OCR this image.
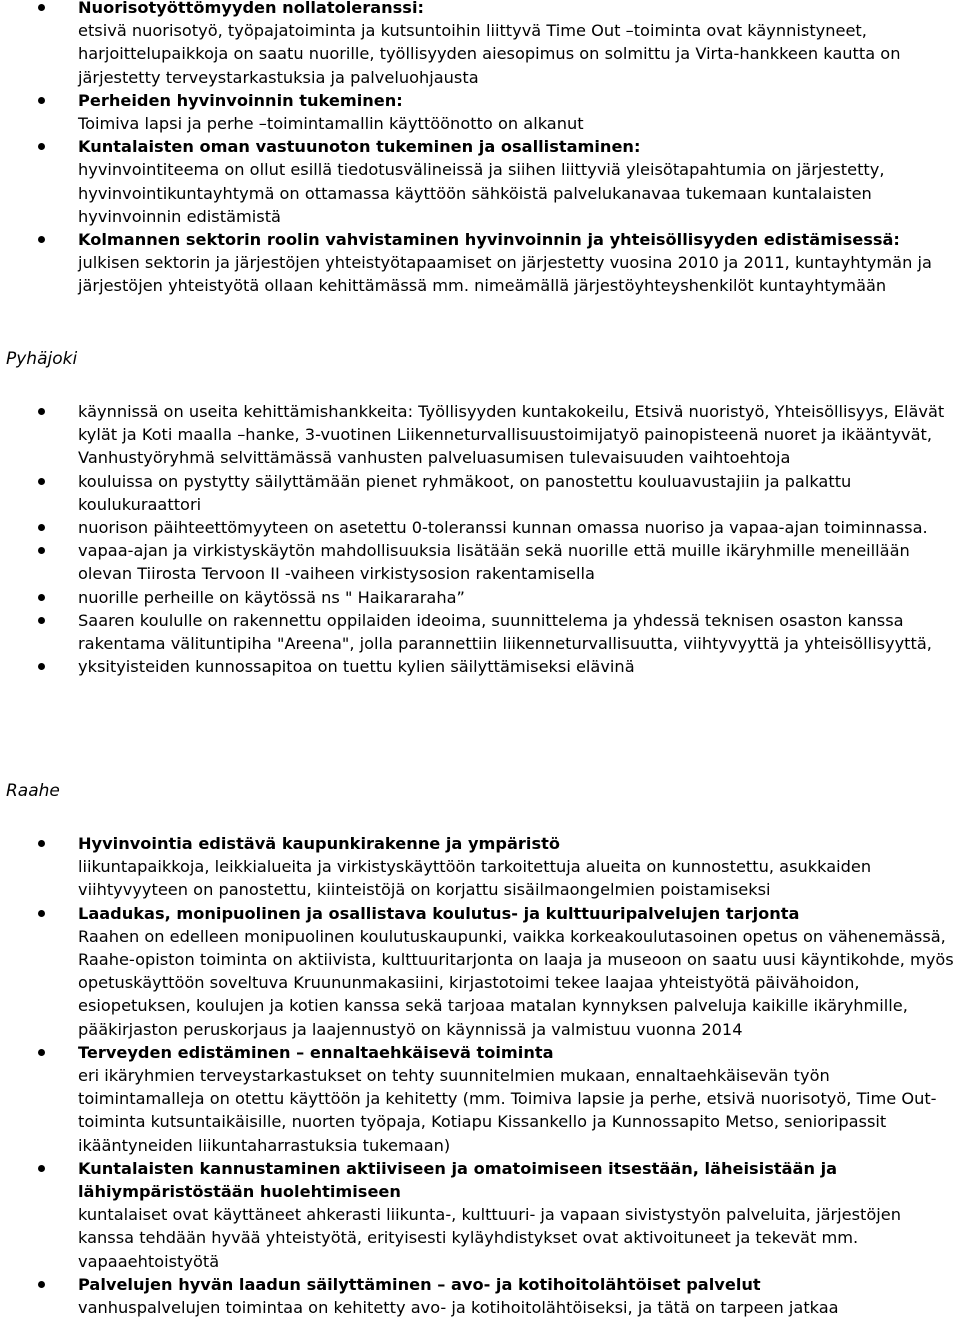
Nuorisotyöttömyyden nollatoleranssi:
etsivä nuorisotyö, työpajatoiminta ja kutsuntoihin liittyvä Time Out –toiminta ovat käynnistyneet, harjoittelupaikkoja on saatu nuorille, työllisyyden aiesopimus on solmittu ja Virta-hankkeen kautta on järjestetty terveystarkastuksia ja palveluohjausta
Perheiden hyvinvoinnin tukeminen:
Toimiva lapsi ja perhe –toimintamallin käyttöönotto on alkanut
Kuntalaisten oman vastuunoton tukeminen ja osallistaminen:
hyvinvointiteema on ollut esillä tiedotusvälineissä ja siihen liittyviä yleisötapahtumia on järjestetty, hyvinvointikuntayhtymä on ottamassa käyttöön sähköistä palvelukanavaa tukemaan kuntalaisten hyvinvoinnin edistämistä
Kolmannen sektorin roolin vahvistaminen hyvinvoinnin ja yhteisöllisyyden edistämisessä:
julkisen sektorin ja järjestöjen yhteistyötapaamiset on järjestetty vuosina 2010 ja 2011, kuntayhtymän ja järjestöjen yhteistyötä ollaan kehittämässä mm. nimeämällä järjestöyhteyshenkilöt kuntayhtymään
Pyhäjoki
käynnissä on useita kehittämishankkeita: Työllisyyden kuntakokeilu, Etsivä nuoristyö, Yhteisöllisyys, Elävät kylät ja Koti maalla –hanke, 3-vuotinen Liikenneturvallisuustoimijatyö painopisteenä nuoret ja ikääntyvät, Vanhustyöryhmä selvittämässä vanhusten palveluasumisen tulevaisuuden vaihtoehtoja
kouluissa on pystytty säilyttämään pienet ryhmäkoot, on panostettu kouluavustajiin ja palkattu koulukuraattori
nuorison päihteettömyyteen on asetettu 0-toleranssi kunnan omassa nuoriso ja vapaa-ajan toiminnassa.
vapaa-ajan ja virkistyskäytön mahdollisuuksia lisätään sekä nuorille että muille ikäryhmille meneillään olevan Tiirosta Tervoon II -vaiheen virkistysosion rakentamisella
nuorille perheille on käytössä ns " Haikararaha”
Saaren koululle on rakennettu oppilaiden ideoima, suunnittelema ja yhdessä teknisen osaston kanssa rakentama välituntipiha "Areena", jolla parannettiin liikenneturvallisuutta, viihtyvyyttä ja yhteisöllisyyttä,
yksityisteiden kunnossapitoa on tuettu kylien säilyttämiseksi elävinä
Raahe
Hyvinvointia edistävä kaupunkirakenne ja ympäristö
liikuntapaikkoja, leikkialueita ja virkistyskäyttöön tarkoitettuja alueita on kunnostettu, asukkaiden viihtyvyyteen on panostettu, kiinteistöjä on korjattu sisäilmaongelmien poistamiseksi
Laadukas, monipuolinen ja osallistava koulutus- ja kulttuuripalvelujen tarjonta
Raahen on edelleen monipuolinen koulutuskaupunki, vaikka korkeakoulutasoinen opetus on vähenemässä, Raahe-opiston toiminta on aktiivista, kulttuuritarjonta on laaja ja museoon on saatu uusi käyntikohde, myös opetuskäyttöön soveltuva Kruununmakasiini, kirjastotoimi tekee laajaa yhteistyötä päivähoidon, esiopetuksen, koulujen ja kotien kanssa sekä tarjoaa matalan kynnyksen palveluja kaikille ikäryhmille, pääkirjaston peruskorjaus ja laajennustyö on käynnissä ja valmistuu vuonna 2014
Terveyden edistäminen – ennaltaehkäisevä toiminta
eri ikäryhmien terveystarkastukset on tehty suunnitelmien mukaan, ennaltaehkäisevän työn toimintamalleja on otettu käyttöön ja kehitetty (mm. Toimiva lapsie ja perhe, etsivä nuorisotyö, Time Out-toiminta kutsuntaikäisille, nuorten työpaja, Kotiapu Kissankello ja Kunnossapito Metso, senioripassit ikääntyneiden liikuntaharrastuksia tukemaan)
Kuntalaisten kannustaminen aktiiviseen ja omatoimiseen itsestään, läheisistään ja lähiympäristöstään huolehtimiseen
kuntalaiset ovat käyttäneet ahkerasti liikunta-, kulttuuri- ja vapaan sivistystyön palveluita, järjestöjen kanssa tehdään hyvää yhteistyötä, erityisesti kyläyhdistykset ovat aktivoituneet ja tekevät mm. vapaaehtoistyötä
Palvelujen hyvän laadun säilyttäminen – avo- ja kotihoitolähtöiset palvelut
vanhuspalvelujen toimintaa on kehitetty avo- ja kotihoitolähtöiseksi, ja tätä on tarpeen jatkaa
